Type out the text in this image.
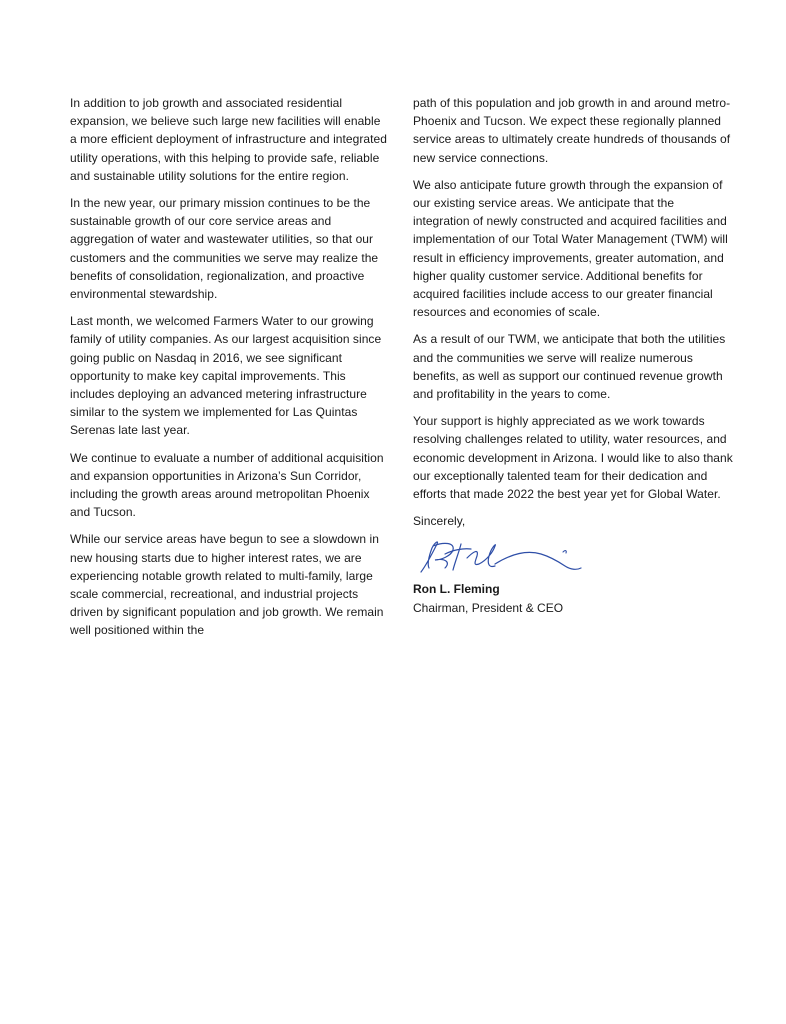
In addition to job growth and associated residential expansion, we believe such large new facilities will enable a more efficient deployment of infrastructure and integrated utility operations, with this helping to provide safe, reliable and sustainable utility solutions for the entire region.

In the new year, our primary mission continues to be the sustainable growth of our core service areas and aggregation of water and wastewater utilities, so that our customers and the communities we serve may realize the benefits of consolidation, regionalization, and proactive environmental stewardship.

Last month, we welcomed Farmers Water to our growing family of utility companies. As our largest acquisition since going public on Nasdaq in 2016, we see significant opportunity to make key capital improvements. This includes deploying an advanced metering infrastructure similar to the system we implemented for Las Quintas Serenas late last year.

We continue to evaluate a number of additional acquisition and expansion opportunities in Arizona’s Sun Corridor, including the growth areas around metropolitan Phoenix and Tucson.

While our service areas have begun to see a slowdown in new housing starts due to higher interest rates, we are experiencing notable growth related to multi-family, large scale commercial, recreational, and industrial projects driven by significant population and job growth. We remain well positioned within the

path of this population and job growth in and around metro-Phoenix and Tucson. We expect these regionally planned service areas to ultimately create hundreds of thousands of new service connections.

We also anticipate future growth through the expansion of our existing service areas. We anticipate that the integration of newly constructed and acquired facilities and implementation of our Total Water Management (TWM) will result in efficiency improvements, greater automation, and higher quality customer service. Additional benefits for acquired facilities include access to our greater financial resources and economies of scale.

As a result of our TWM, we anticipate that both the utilities and the communities we serve will realize numerous benefits, as well as support our continued revenue growth and profitability in the years to come.

Your support is highly appreciated as we work towards resolving challenges related to utility, water resources, and economic development in Arizona. I would like to also thank our exceptionally talented team for their dedication and efforts that made 2022 the best year yet for Global Water.

Sincerely,

Ron L. Fleming

Chairman, President & CEO
